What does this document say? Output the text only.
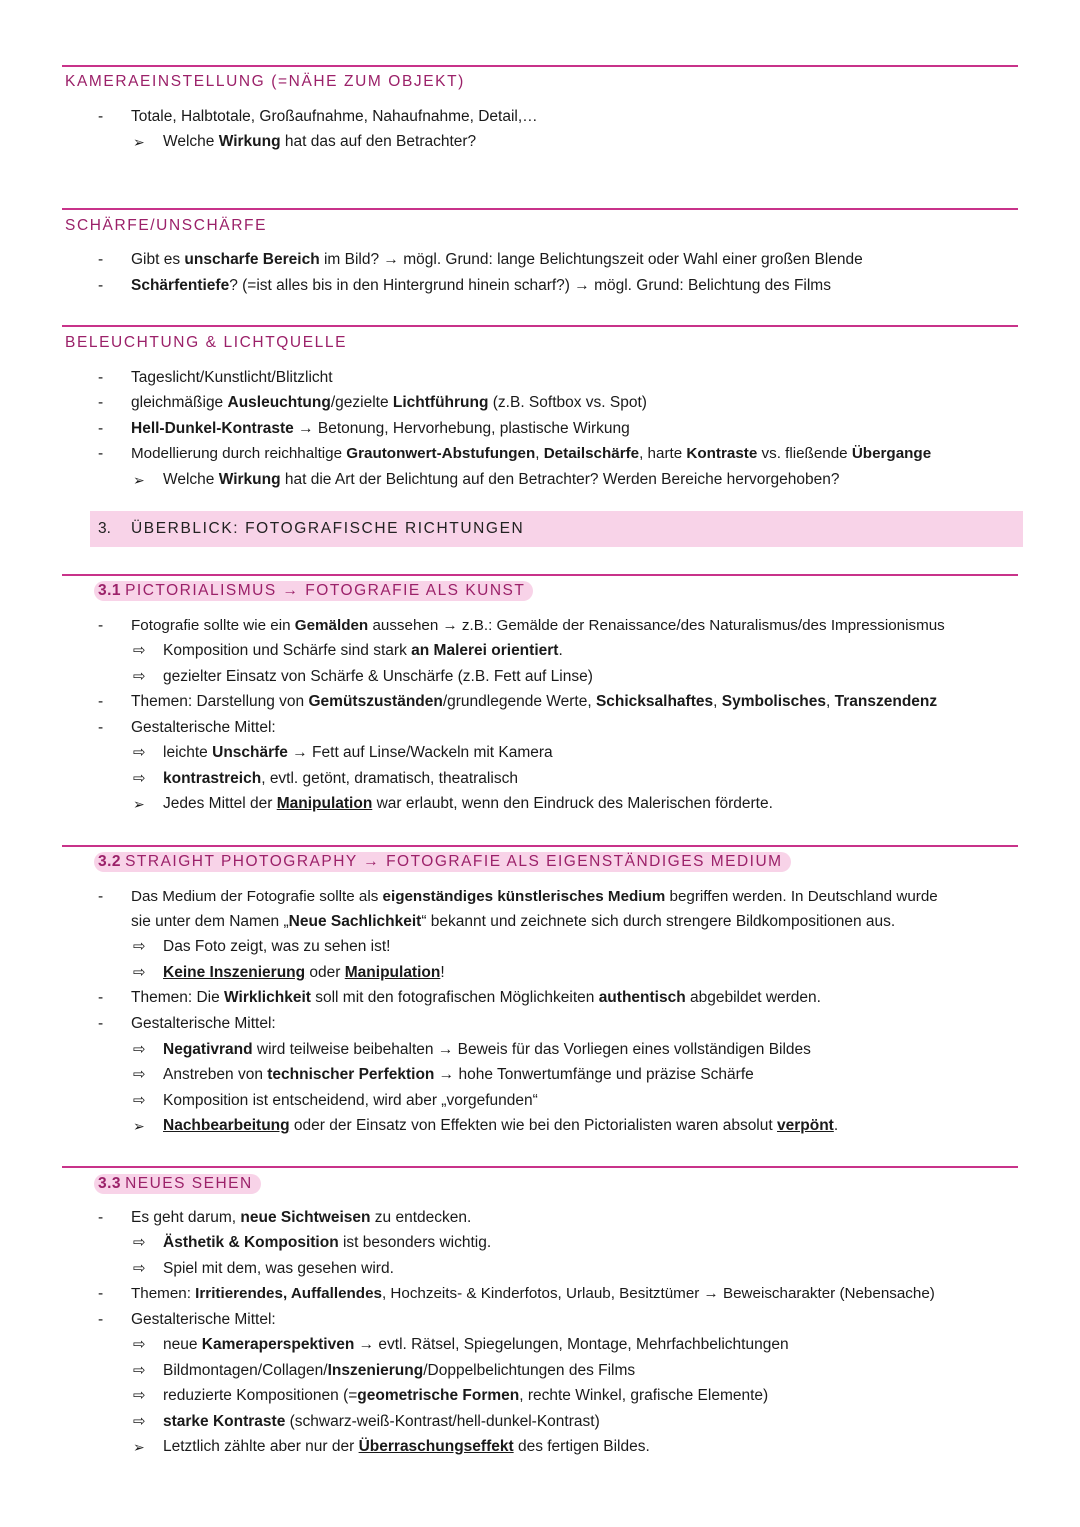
KAMERAEINSTELLUNG (=NÄHE ZUM OBJEKT)
- Totale, Halbtotale, Großaufnahme, Nahaufnahme, Detail,…
➢ Welche Wirkung hat das auf den Betrachter?
SCHÄRFE/UNSCHÄRFE
- Gibt es unscharfe Bereich im Bild? → mögl. Grund: lange Belichtungszeit oder Wahl einer großen Blende
- Schärfentiefe? (=ist alles bis in den Hintergrund hinein scharf?) → mögl. Grund: Belichtung des Films
BELEUCHTUNG & LICHTQUELLE
- Tageslicht/Kunstlicht/Blitzlicht
- gleichmäßige Ausleuchtung/gezielte Lichtführung (z.B. Softbox vs. Spot)
- Hell-Dunkel-Kontraste → Betonung, Hervorhebung, plastische Wirkung
- Modellierung durch reichhaltige Grautonwert-Abstufungen, Detailschärfe, harte Kontraste vs. fließende Übergange
➢ Welche Wirkung hat die Art der Belichtung auf den Betrachter? Werden Bereiche hervorgehoben?
3. ÜBERBLICK: FOTOGRAFISCHE RICHTUNGEN
3.1 PICTORIALISMUS → FOTOGRAFIE ALS KUNST
- Fotografie sollte wie ein Gemälden aussehen → z.B.: Gemälde der Renaissance/des Naturalismus/des Impressionismus
⇨ Komposition und Schärfe sind stark an Malerei orientiert.
⇨ gezielter Einsatz von Schärfe & Unschärfe (z.B. Fett auf Linse)
- Themen: Darstellung von Gemütszuständen/grundlegende Werte, Schicksalhaftes, Symbolisches, Transzendenz
- Gestalterische Mittel:
⇨ leichte Unschärfe → Fett auf Linse/Wackeln mit Kamera
⇨ kontrastreich, evtl. getönt, dramatisch, theatralisch
➢ Jedes Mittel der Manipulation war erlaubt, wenn den Eindruck des Malerischen förderte.
3.2 STRAIGHT PHOTOGRAPHY → FOTOGRAFIE ALS EIGENSTÄNDIGES MEDIUM
- Das Medium der Fotografie sollte als eigenständiges künstlerisches Medium begriffen werden. In Deutschland wurde
sie unter dem Namen „Neue Sachlichkeit“ bekannt und zeichnete sich durch strengere Bildkompositionen aus.
⇨ Das Foto zeigt, was zu sehen ist!
⇨ Keine Inszenierung oder Manipulation!
- Themen: Die Wirklichkeit soll mit den fotografischen Möglichkeiten authentisch abgebildet werden.
- Gestalterische Mittel:
⇨ Negativrand wird teilweise beibehalten → Beweis für das Vorliegen eines vollständigen Bildes
⇨ Anstreben von technischer Perfektion → hohe Tonwertumfänge und präzise Schärfe
⇨ Komposition ist entscheidend, wird aber „vorgefunden“
➢ Nachbearbeitung oder der Einsatz von Effekten wie bei den Pictorialisten waren absolut verpönt.
3.3 NEUES SEHEN
- Es geht darum, neue Sichtweisen zu entdecken.
⇨ Ästhetik & Komposition ist besonders wichtig.
⇨ Spiel mit dem, was gesehen wird.
- Themen: Irritierendes, Auffallendes, Hochzeits- & Kinderfotos, Urlaub, Besitztümer → Beweischarakter (Nebensache)
- Gestalterische Mittel:
⇨ neue Kameraperspektiven → evtl. Rätsel, Spiegelungen, Montage, Mehrfachbelichtungen
⇨ Bildmontagen/Collagen/Inszenierung/Doppelbelichtungen des Films
⇨ reduzierte Kompositionen (=geometrische Formen, rechte Winkel, grafische Elemente)
⇨ starke Kontraste (schwarz-weiß-Kontrast/hell-dunkel-Kontrast)
➢ Letztlich zählte aber nur der Überraschungseffekt des fertigen Bildes.
